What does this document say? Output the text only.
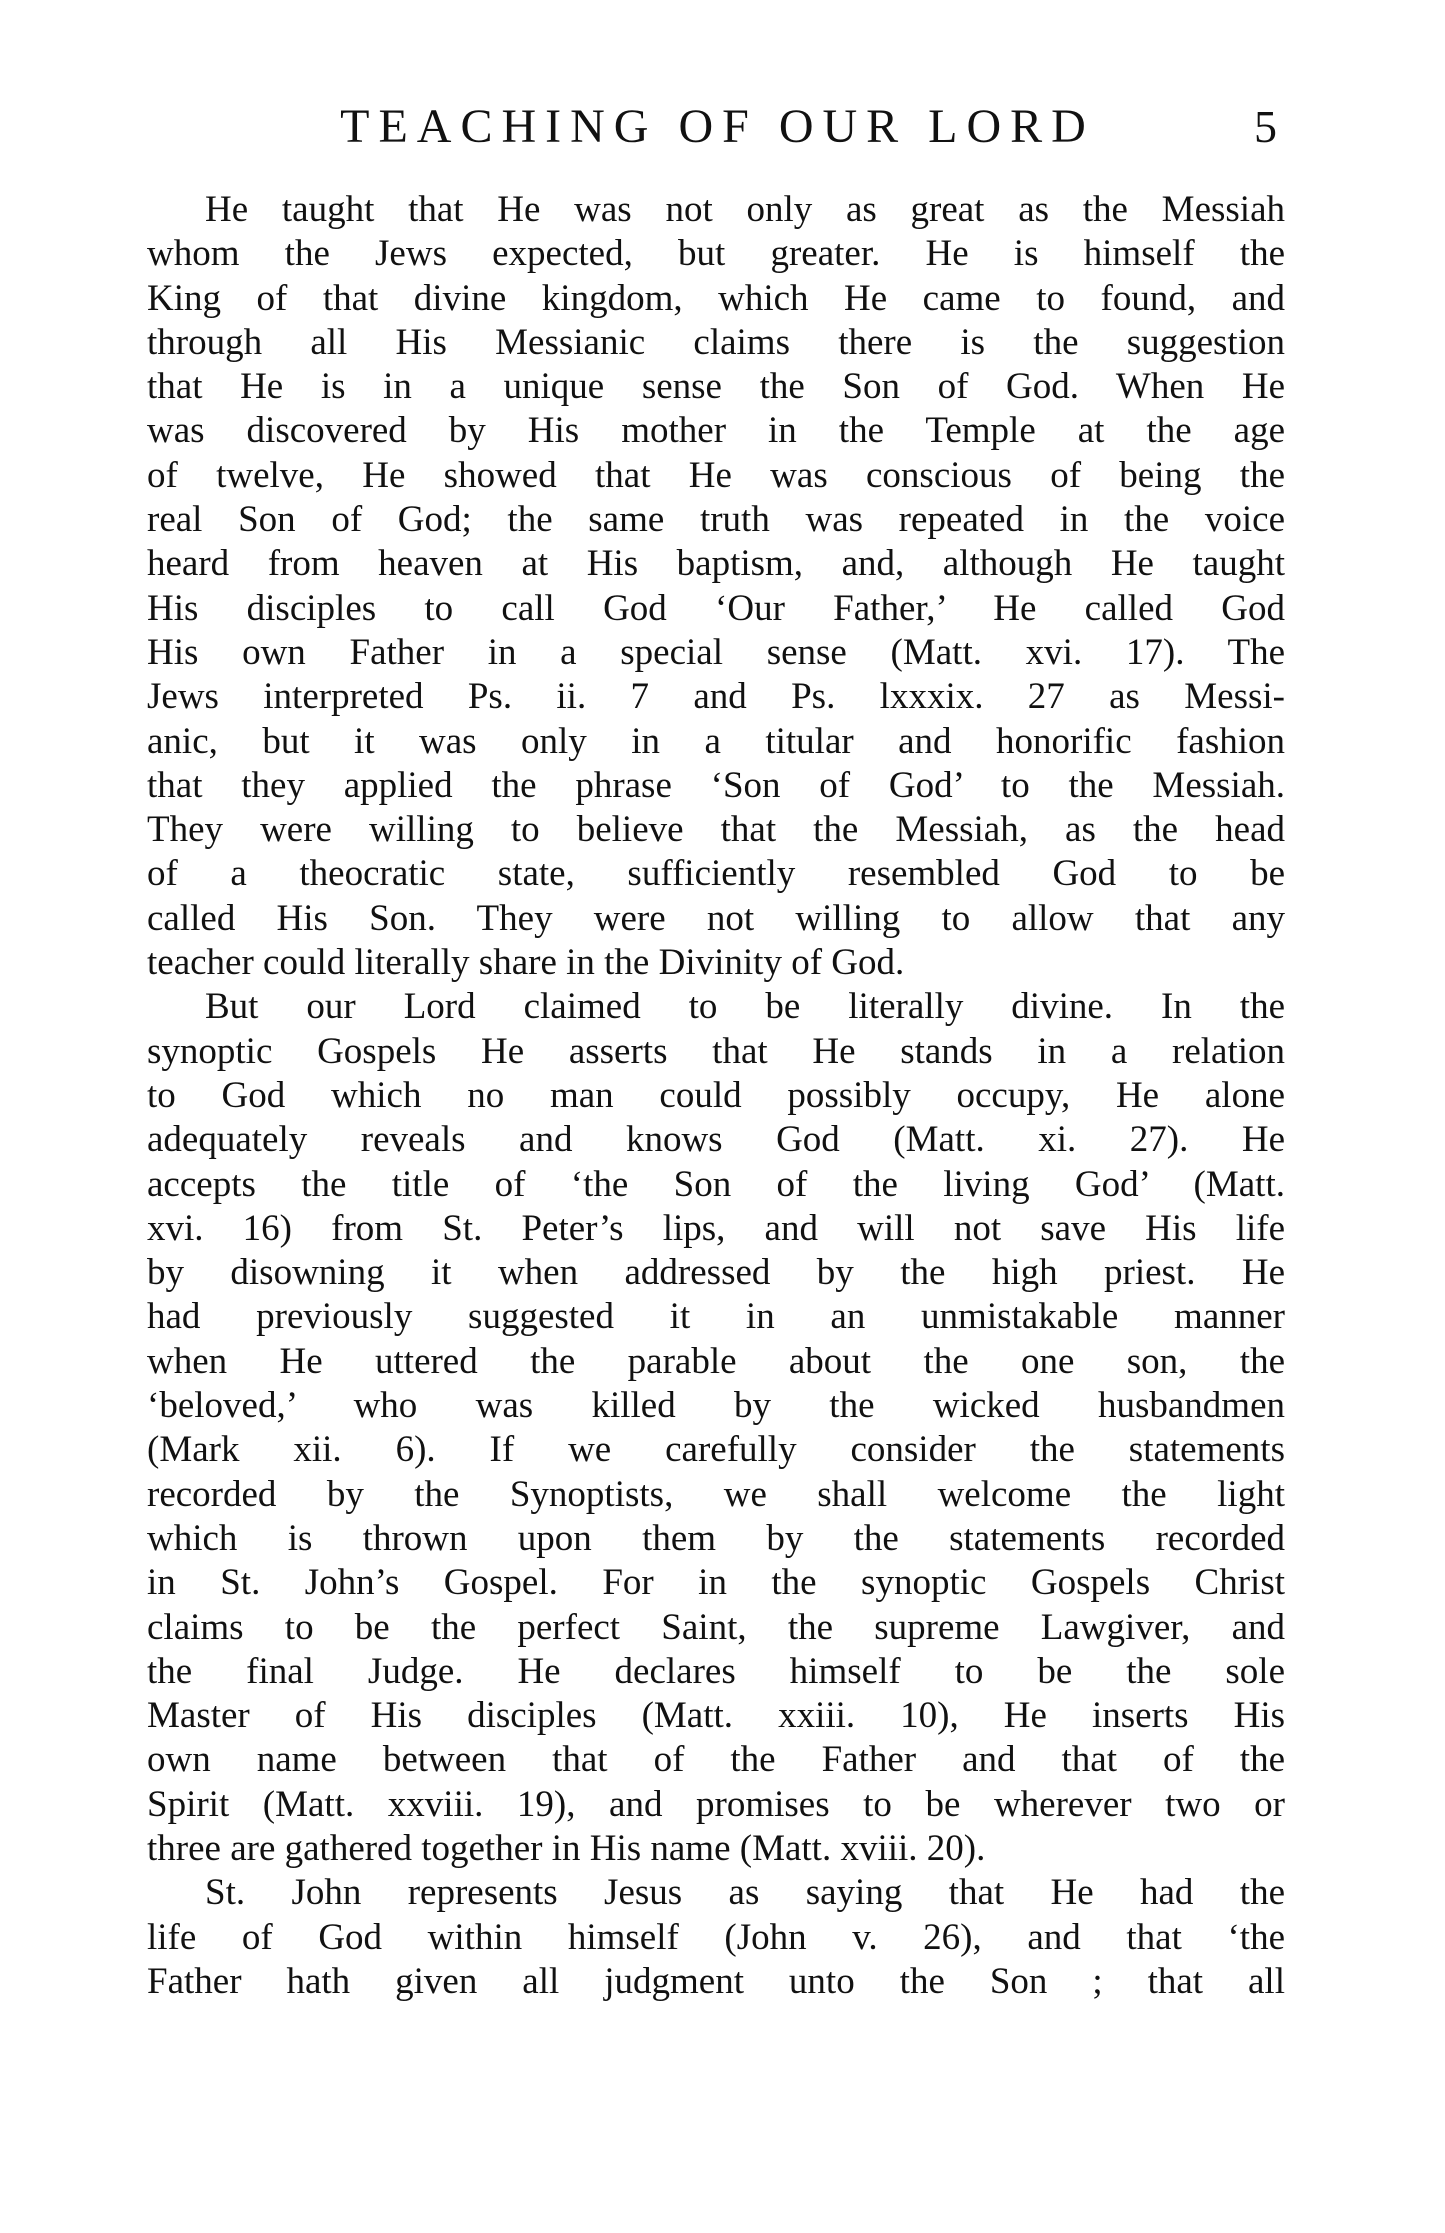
TEACHING OF OUR LORD	5
He taught that He was not only as great as the Messiah
whom the Jews expected, but greater. He is himself the
King of that divine kingdom, which He came to found, and
through all His Messianic claims there is the suggestion
that He is in a unique sense the Son of God. When He
was discovered by His mother in the Temple at the age
of twelve, He showed that He was conscious of being the
real Son of God; the same truth was repeated in the voice
heard from heaven at His baptism, and, although He taught
His disciples to call God ‘Our Father,’ He called God
His own Father in a special sense (Matt. xvi. 17). The
Jews interpreted Ps. ii. 7 and Ps. lxxxix. 27 as Messi-
anic, but it was only in a titular and honorific fashion
that they applied the phrase ‘Son of God’ to the Messiah.
They were willing to believe that the Messiah, as the head
of a theocratic state, sufficiently resembled God to be
called His Son. They were not willing to allow that any
teacher could literally share in the Divinity of God.
But our Lord claimed to be literally divine. In the
synoptic Gospels He asserts that He stands in a relation
to God which no man could possibly occupy, He alone
adequately reveals and knows God (Matt. xi. 27). He
accepts the title of ‘the Son of the living God’ (Matt.
xvi. 16) from St. Peter’s lips, and will not save His life
by disowning it when addressed by the high priest. He
had previously suggested it in an unmistakable manner
when He uttered the parable about the one son, the
‘beloved,’ who was killed by the wicked husbandmen
(Mark xii. 6). If we carefully consider the statements
recorded by the Synoptists, we shall welcome the light
which is thrown upon them by the statements recorded
in St. John’s Gospel. For in the synoptic Gospels Christ
claims to be the perfect Saint, the supreme Lawgiver, and
the final Judge. He declares himself to be the sole
Master of His disciples (Matt. xxiii. 10), He inserts His
own name between that of the Father and that of the
Spirit (Matt. xxviii. 19), and promises to be wherever two or
three are gathered together in His name (Matt. xviii. 20).
St. John represents Jesus as saying that He had the
life of God within himself (John v. 26), and that ‘the
Father hath given all judgment unto the Son ; that all
